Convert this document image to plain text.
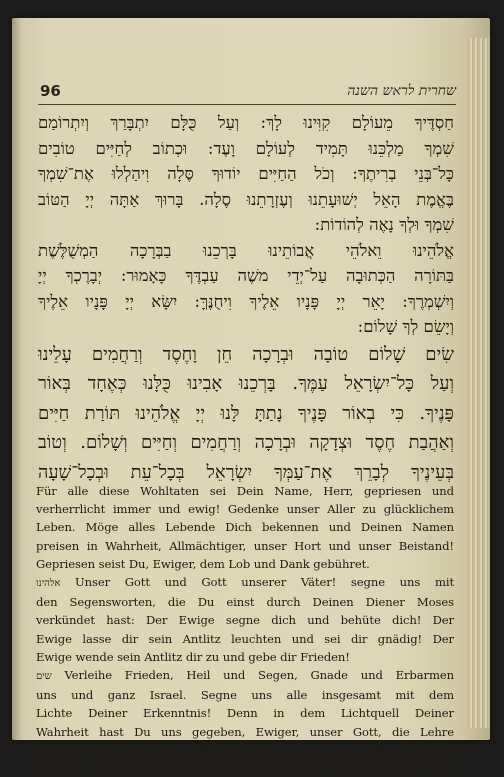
96	שחרית לראש השנה
חַסְדֶּיךָ מֵעוֹלָם קִוִּינוּ לָךְ: וְעַל כֻּלָּם יִתְבָּרַךְ וְיִתְרוֹמַם
שִׁמְךָ מַלְכֵּנוּ תָּמִיד לְעוֹלָם וָעֶד: וּכְתוֹב לְחַיִּים טוֹבִים
כָּל־בְּנֵי בְרִיתֶךָ: וְכֹל הַחַיִּים יוֹדוּךָ סֶּלָה וִיהַלְלוּ אֶת־שִׁמְךָ
בֶּאֱמֶת הָאֵל יְשׁוּעָתֵנוּ וְעֶזְרָתֵנוּ סֶלָה. בָּרוּךְ אַתָּה יְיָ הַטּוֹב
שִׁמְךָ וּלְךָ נָאֶה לְהוֹדוֹת:
אֱלֹהֵינוּ וֵאלֹהֵי אֲבוֹתֵינוּ בָּרְכֵנוּ בַבְּרָכָה הַמְשֻׁלֶּשֶׁת
בַּתּוֹרָה הַכְּתוּבָה עַל־יְדֵי משֶׁה עַבְדֶּךָ כָּאָמוּר: יְבָרֶכְךָ יְיָ
וְיִשְׁמְרֶךָ: יָאֵר יְיָ פָּנָיו אֵלֶיךָ וִיחֻנֶּךָּ: יִשָּׂא יְיָ פָּנָיו אֵלֶיךָ
וְיָשֵׂם לְךָ שָׁלוֹם:
שִׂים שָׁלוֹם טוֹבָה וּבְרָכָה חֵן וָחֶסֶד וְרַחֲמִים עָלֵינוּ
וְעַל כָּל־יִשְׂרָאֵל עַמֶּךָ. בָּרְכֵנוּ אָבִינוּ כֻּלָּנוּ כְּאֶחָד בְּאוֹר
פָּנֶיךָ. כִּי בְאוֹר פָּנֶיךָ נָתַתָּ לָּנוּ יְיָ אֱלֹהֵינוּ תּוֹרַת חַיִּים
וְאַהֲבַת חֶסֶד וּצְדָקָה וּבְרָכָה וְרַחֲמִים וְחַיִּים וְשָׁלוֹם. וְטוֹב
בְּעֵינֶיךָ לְבָרֵךְ אֶת־עַמְּךָ יִשְׂרָאֵל בְּכָל־עֵת וּבְכָל־שָׁעָה
Für alle diese Wohltaten sei Dein Name, Herr, gepriesen und
verherrlicht immer und ewig! Gedenke unser Aller zu glücklichem
Leben. Möge alles Lebende Dich bekennen und Deinen Namen
preisen in Wahrheit, Allmächtiger, unser Hort und unser Beistand!
Gepriesen seist Du, Ewiger, dem Lob und Dank gebühret.
אלהינו Unser Gott und Gott unserer Väter! segne uns mit
den Segensworten, die Du einst durch Deinen Diener Moses
verkündet hast: Der Ewige segne dich und behüte dich! Der
Ewige lasse dir sein Antlitz leuchten und sei dir gnädig! Der
Ewige wende sein Antlitz dir zu und gebe dir Frieden!
שים Verleihe Frieden, Heil und Segen, Gnade und Erbarmen
uns und ganz Israel. Segne uns alle insgesamt mit dem
Lichte Deiner Erkenntnis! Denn in dem Lichtquell Deiner
Wahrheit hast Du uns gegeben, Ewiger, unser Gott, die Lehre
des Lebens und der Menschenliebe. Und so möge es Dir
gefallen, zu segnen Dein Volk Israel zu jeder Zeit und zu jeder
